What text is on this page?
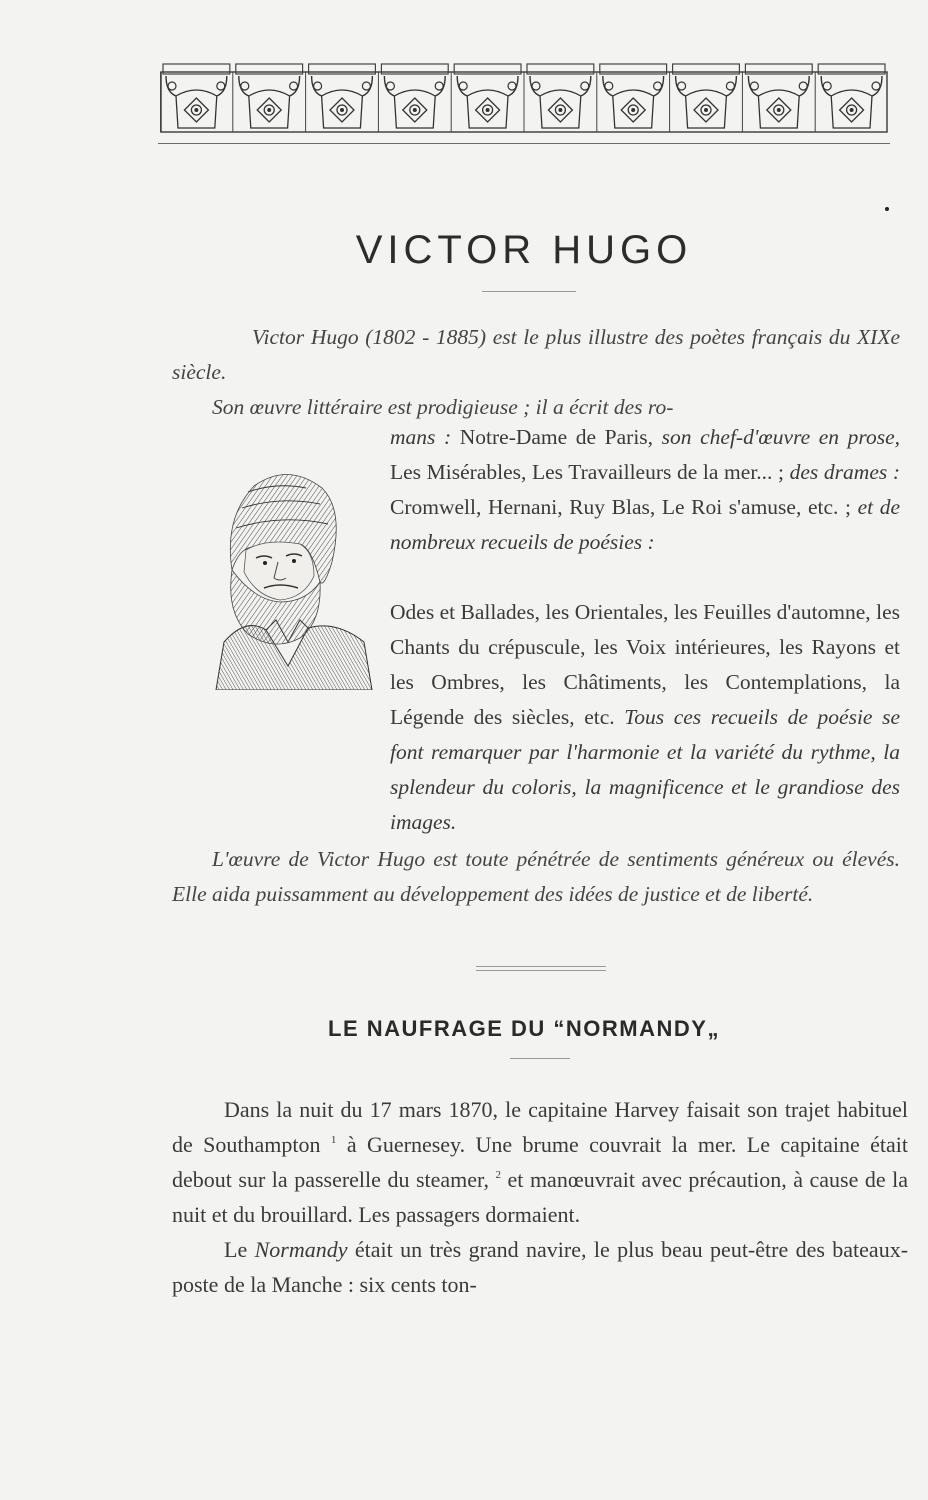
VICTOR HUGO

Victor Hugo (1802 - 1885) est le plus illustre des poètes français du XIXe siècle.

Son œuvre littéraire est prodigieuse ; il a écrit des ro-

mans : Notre-Dame de Paris, son chef-d'œuvre en prose, Les Misérables, Les Travailleurs de la mer... ; des drames : Cromwell, Hernani, Ruy Blas, Le Roi s'amuse, etc. ; et de nombreux recueils de poésies :
Odes et Ballades, les Orientales, les Feuilles d'automne, les Chants du crépuscule, les Voix intérieures, les Rayons et les Ombres, les Châtiments, les Contemplations, la Légende des siècles, etc. Tous ces recueils de poésie se font remarquer par l'harmonie et la variété du rythme, la splendeur du coloris, la magnificence et le grandiose des images.
L'œuvre de Victor Hugo est toute pénétrée de sentiments généreux ou élevés. Elle aida puissamment au développement des idées de justice et de liberté.
LE NAUFRAGE DU “NORMANDY„

Dans la nuit du 17 mars 1870, le capitaine Harvey faisait son trajet habituel de Southampton $^1$ à Guernesey. Une brume couvrait la mer. Le capitaine était debout sur la passerelle du steamer, $^2$ et manœuvrait avec précaution, à cause de la nuit et du brouillard. Les passagers dormaient.

Le Normandy était un très grand navire, le plus beau peut-être des bateaux-poste de la Manche : six cents ton-
